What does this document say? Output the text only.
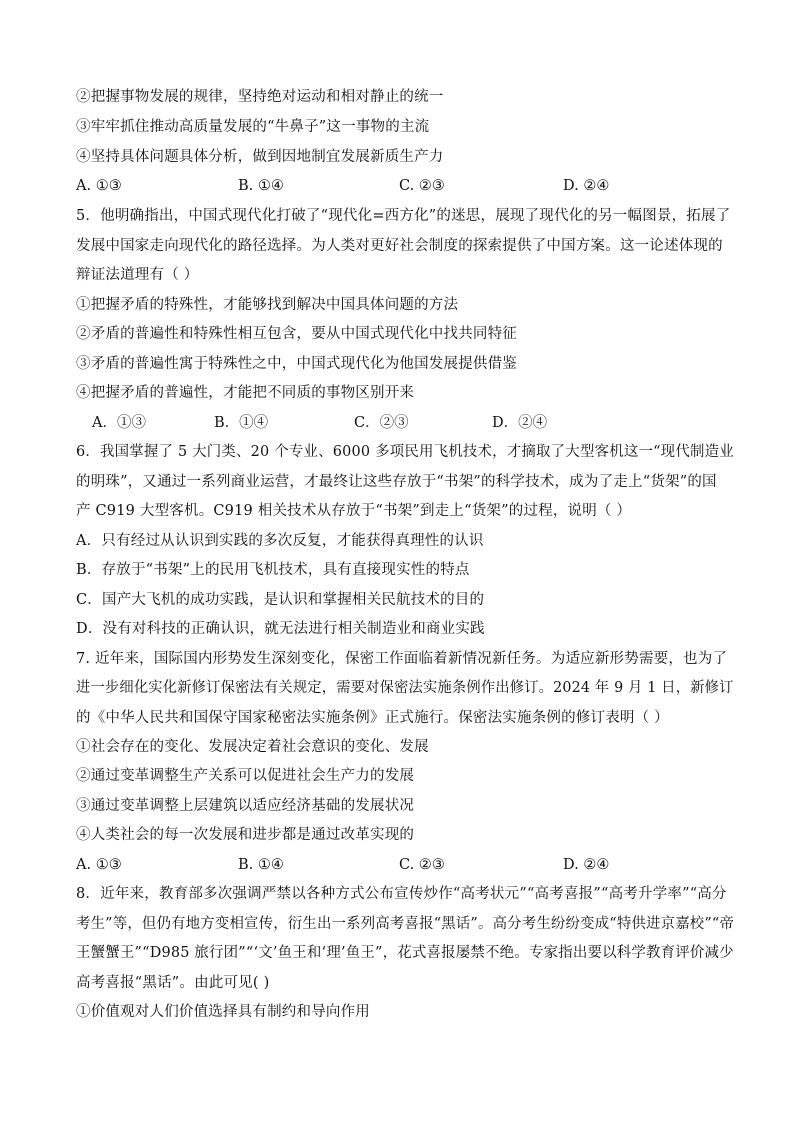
②把握事物发展的规律，坚持绝对运动和相对静止的统一
③牢牢抓住推动高质量发展的“牛鼻子”这一事物的主流
④坚持具体问题具体分析，做到因地制宜发展新质生产力
A. ①③	B. ①④	C. ②③	D. ②④
5．他明确指出，中国式现代化打破了“现代化=西方化”的迷思，展现了现代化的另一幅图景，拓展了
发展中国家走向现代化的路径选择。为人类对更好社会制度的探索提供了中国方案。这一论述体现的
辩证法道理有（ ）
①把握矛盾的特殊性，才能够找到解决中国具体问题的方法
②矛盾的普遍性和特殊性相互包含，要从中国式现代化中找共同特征
③矛盾的普遍性寓于特殊性之中，中国式现代化为他国发展提供借鉴
④把握矛盾的普遍性，才能把不同质的事物区别开来
A．①③	B．①④	C．②③	D．②④
6．我国掌握了 5 大门类、20 个专业、6000 多项民用飞机技术，才摘取了大型客机这一“现代制造业
的明珠”，又通过一系列商业运营，才最终让这些存放于“书架”的科学技术，成为了走上“货架”的国
产 C919 大型客机。C919 相关技术从存放于“书架”到走上“货架”的过程，说明（ ）
A．只有经过从认识到实践的多次反复，才能获得真理性的认识
B．存放于“书架”上的民用飞机技术，具有直接现实性的特点
C．国产大飞机的成功实践，是认识和掌握相关民航技术的目的
D．没有对科技的正确认识，就无法进行相关制造业和商业实践
7. 近年来，国际国内形势发生深刻变化，保密工作面临着新情况新任务。为适应新形势需要，也为了
进一步细化实化新修订保密法有关规定，需要对保密法实施条例作出修订。2024 年 9 月 1 日，新修订
的《中华人民共和国保守国家秘密法实施条例》正式施行。保密法实施条例的修订表明（ ）
①社会存在的变化、发展决定着社会意识的变化、发展
②通过变革调整生产关系可以促进社会生产力的发展
③通过变革调整上层建筑以适应经济基础的发展状况
④人类社会的每一次发展和进步都是通过改革实现的
A. ①③	B. ①④	C. ②③	D. ②④
8．近年来，教育部多次强调严禁以各种方式公布宣传炒作“高考状元”“高考喜报”“高考升学率”“高分
考生”等，但仍有地方变相宣传，衍生出一系列高考喜报“黑话”。高分考生纷纷变成“特供进京嘉校”“帝
王蟹蟹王”“D985 旅行团”“‘文’鱼王和‘理’鱼王”，花式喜报屡禁不绝。专家指出要以科学教育评价减少
高考喜报“黑话”。由此可见( )
①价值观对人们价值选择具有制约和导向作用
